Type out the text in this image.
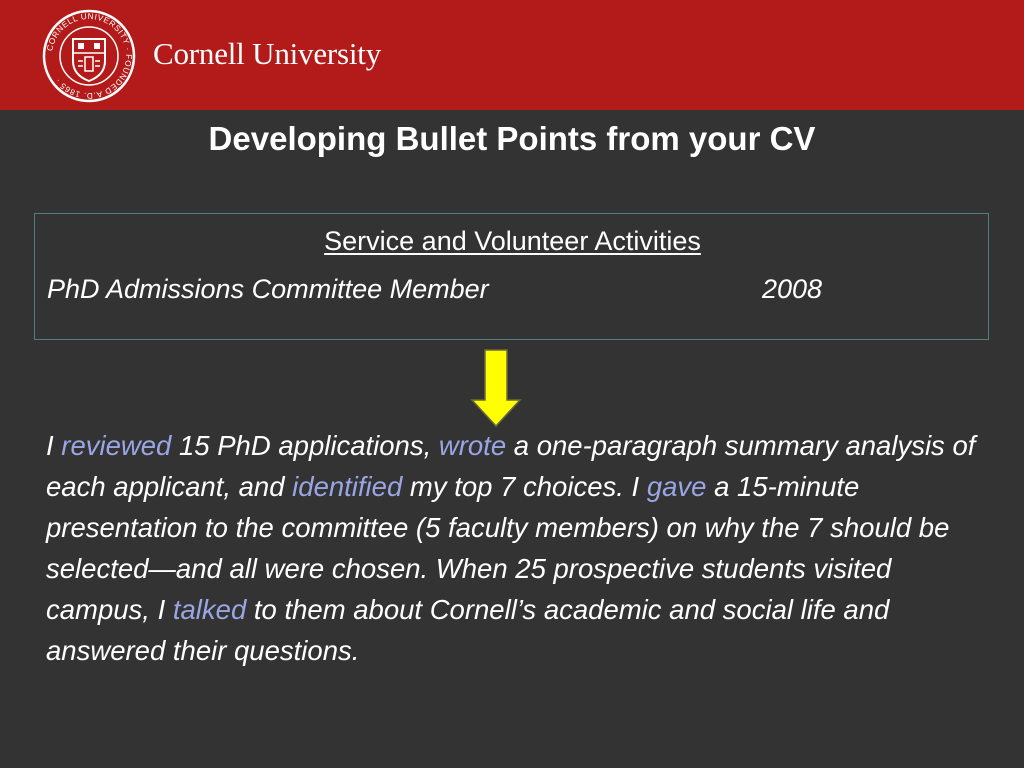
CORNELL UNIVERSITY · FOUNDED A.D. 1865 ·
Cornell University
Developing Bullet Points from your CV
Service and Volunteer Activities
PhD Admissions Committee Member	2008
I reviewed 15 PhD applications, wrote a one-paragraph summary analysis of each applicant, and identified my top 7 choices. I gave a 15-minute presentation to the committee (5 faculty members) on why the 7 should be selected—and all were chosen. When 25 prospective students visited campus, I talked to them about Cornell’s academic and social life and answered their questions.
